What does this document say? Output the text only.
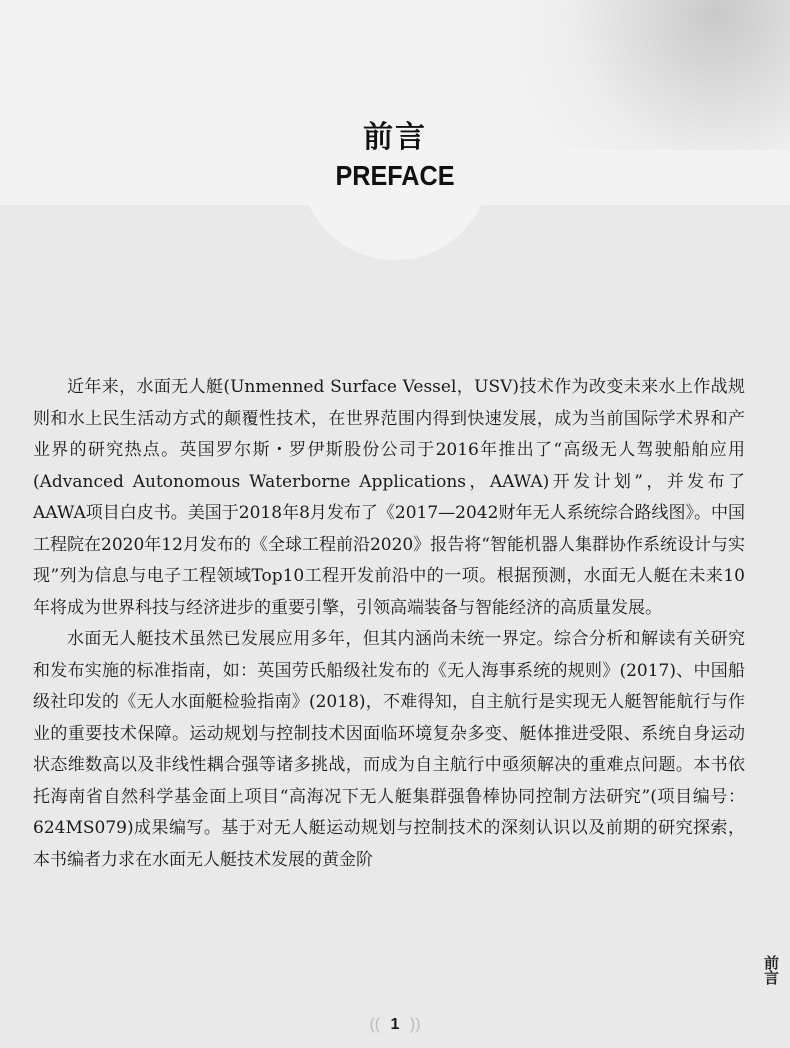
前言
PREFACE

近年来，水面无人艇(Unmenned Surface Vessel，USV)技术作为改变未来水上作战规则和水上民生活动方式的颠覆性技术，在世界范围内得到快速发展，成为当前国际学术界和产业界的研究热点。英国罗尔斯・罗伊斯股份公司于2016年推出了“高级无人驾驶船舶应用(Advanced Autonomous Waterborne Applications，AAWA)开发计划”，并发布了AAWA项目白皮书。美国于2018年8月发布了《2017—2042财年无人系统综合路线图》。中国工程院在2020年12月发布的《全球工程前沿2020》报告将“智能机器人集群协作系统设计与实现”列为信息与电子工程领域Top10工程开发前沿中的一项。根据预测，水面无人艇在未来10年将成为世界科技与经济进步的重要引擎，引领高端装备与智能经济的高质量发展。

水面无人艇技术虽然已发展应用多年，但其内涵尚未统一界定。综合分析和解读有关研究和发布实施的标准指南，如：英国劳氏船级社发布的《无人海事系统的规则》(2017)、中国船级社印发的《无人水面艇检验指南》(2018)，不难得知，自主航行是实现无人艇智能航行与作业的重要技术保障。运动规划与控制技术因面临环境复杂多变、艇体推进受限、系统自身运动状态维数高以及非线性耦合强等诸多挑战，而成为自主航行中亟须解决的重难点问题。本书依托海南省自然科学基金面上项目“高海况下无人艇集群强鲁棒协同控制方法研究”(项目编号：624MS079)成果编写。基于对无人艇运动规划与控制技术的深刻认识以及前期的研究探索，本书编者力求在水面无人艇技术发展的黄金阶

前言
(( 1 ))
